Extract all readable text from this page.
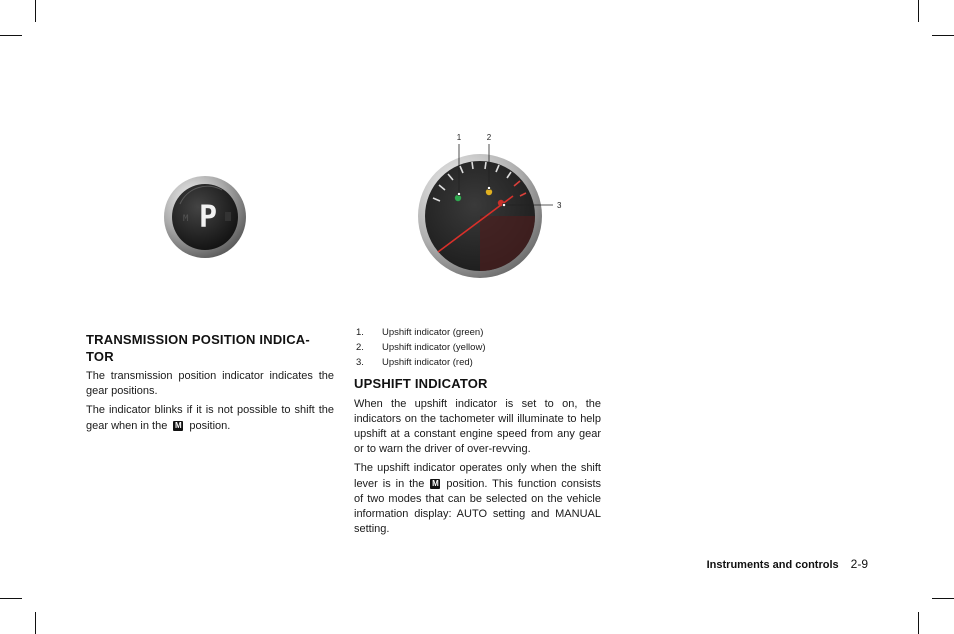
M P
1	2
3
TRANSMISSION POSITION INDICA-
TOR

The transmission position indicator indicates the gear positions.

The indicator blinks if it is not possible to shift the gear when in the M position.

1.	Upshift indicator (green)
2.	Upshift indicator (yellow)
3.	Upshift indicator (red)
UPSHIFT INDICATOR

When the upshift indicator is set to on, the indicators on the tachometer will illuminate to help upshift at a constant engine speed from any gear or to warn the driver of over-revving.

The upshift indicator operates only when the shift lever is in the M position. This function consists of two modes that can be selected on the vehicle information display: AUTO setting and MANUAL setting.

Instruments and controls 2-9
